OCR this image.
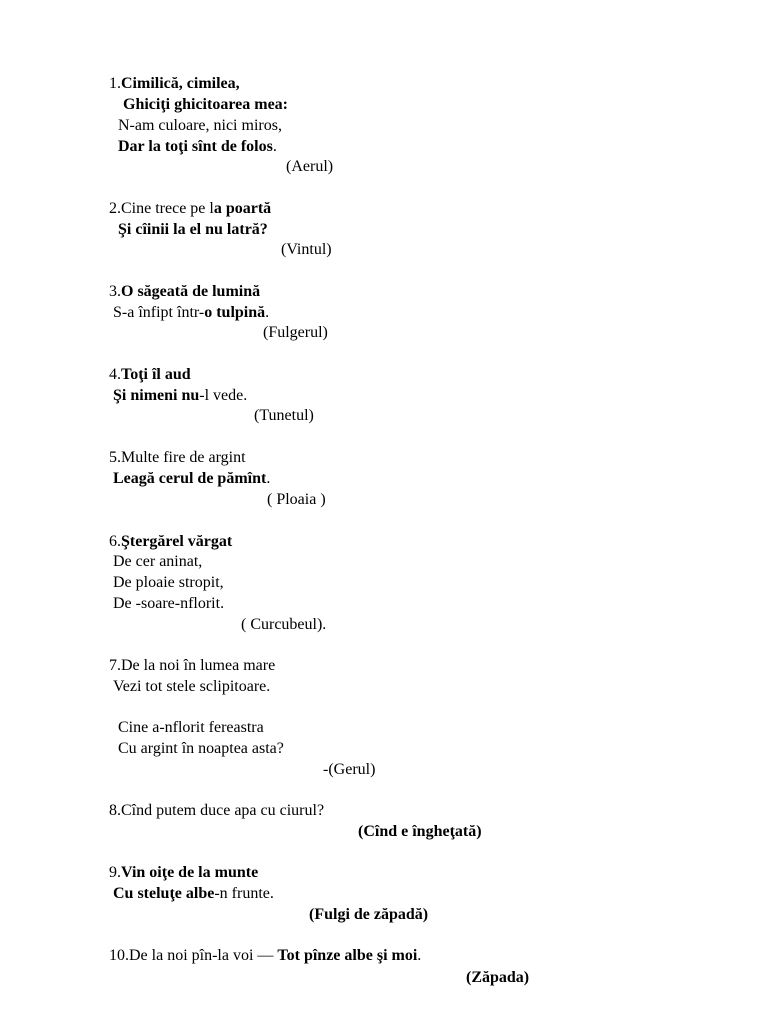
1.Cimilică, cimilea,
Ghiciţi ghicitoarea mea:
N-am culoare, nici miros,
Dar la toţi sînt de folos.
(Aerul)
2.Cine trece pe la poartă
Şi cîinii la el nu latră?
(Vintul)
3.O săgeată de lumină
S-a înfipt într-o tulpină.
(Fulgerul)
4.Toţi îl aud
Şi nimeni nu-l vede.
(Tunetul)
5.Multe fire de argint
Leagă cerul de pămînt.
( Ploaia )
6.Ştergărel vărgat
De cer aninat,
De ploaie stropit,
De -soare-nflorit.
( Curcubeul).
7.De la noi în lumea mare
Vezi tot stele sclipitoare.
Cine a-nflorit fereastra
Cu argint în noaptea asta?
-(Gerul)
8.Cînd putem duce apa cu ciurul?
(Cînd e îngheţată)
9.Vin oiţe de la munte
Cu steluţe albe-n frunte.
(Fulgi de zăpadă)
10.De la noi pîn-la voi — Tot pînze albe şi moi.
(Zăpada)
